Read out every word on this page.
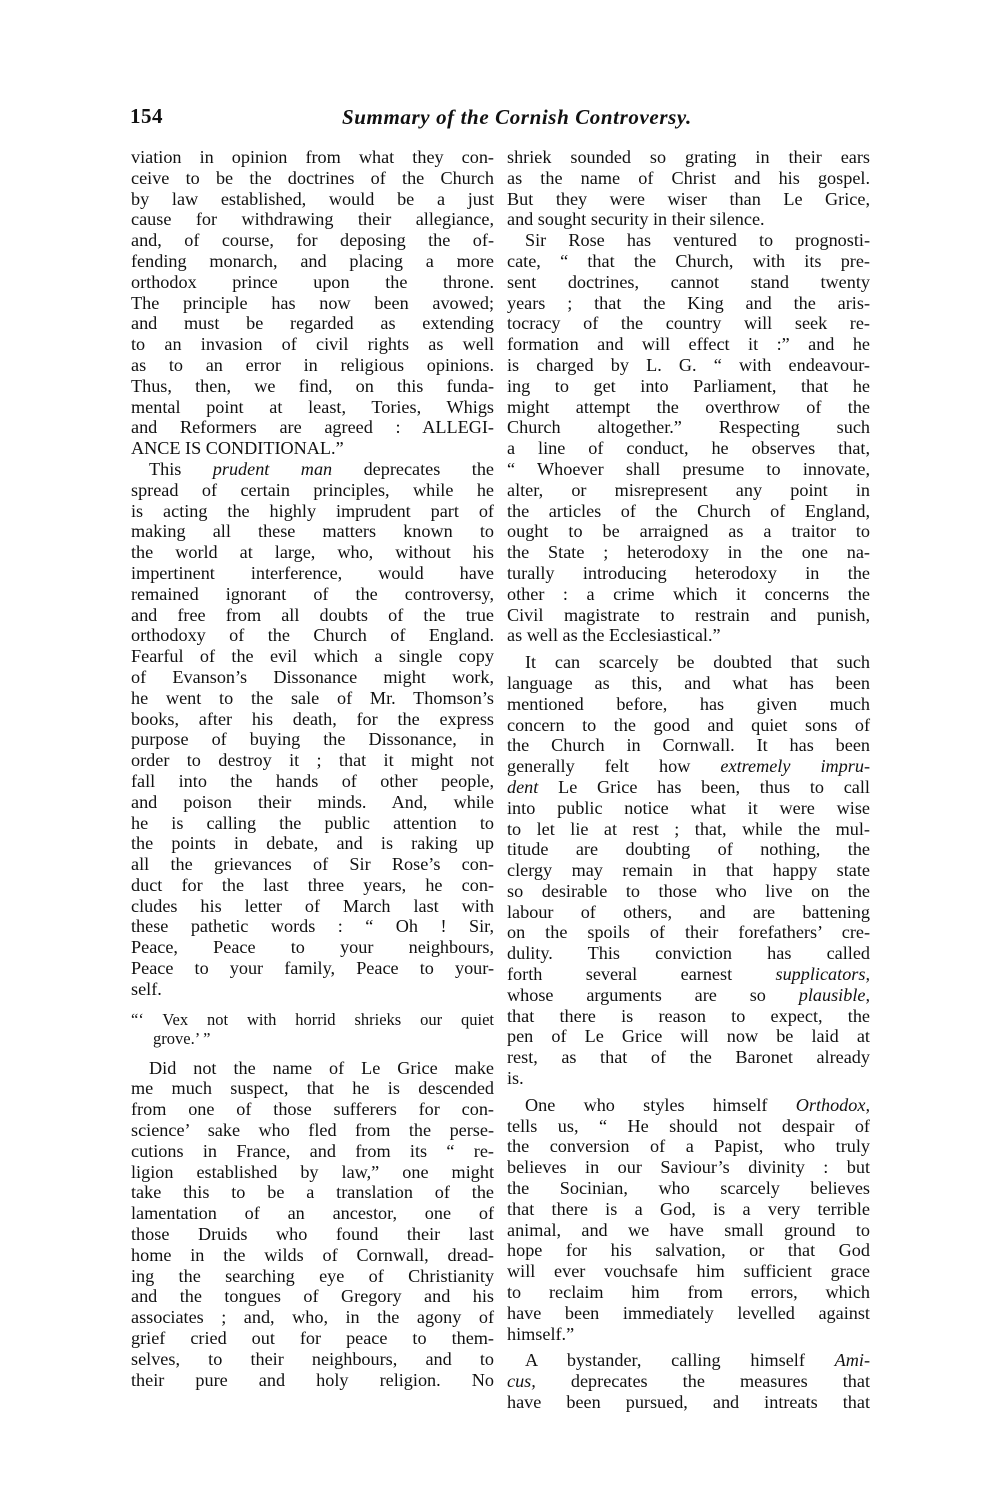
154	Summary of the Cornish Controversy.
viation in opinion from what they con-
ceive to be the doctrines of the Church
by law established, would be a just
cause for withdrawing their allegiance,
and, of course, for deposing the of-
fending monarch, and placing a more
orthodox prince upon the throne.
The principle has now been avowed;
and must be regarded as extending
to an invasion of civil rights as well
as to an error in religious opinions.
Thus, then, we find, on this funda-
mental point at least, Tories, Whigs
and Reformers are agreed : ALLEGI-
ANCE IS CONDITIONAL.”
This prudent man deprecates the
spread of certain principles, while he
is acting the highly imprudent part of
making all these matters known to
the world at large, who, without his
impertinent interference, would have
remained ignorant of the controversy,
and free from all doubts of the true
orthodoxy of the Church of England.
Fearful of the evil which a single copy
of Evanson’s Dissonance might work,
he went to the sale of Mr. Thomson’s
books, after his death, for the express
purpose of buying the Dissonance, in
order to destroy it ; that it might not
fall into the hands of other people,
and poison their minds. And, while
he is calling the public attention to
the points in debate, and is raking up
all the grievances of Sir Rose’s con-
duct for the last three years, he con-
cludes his letter of March last with
these pathetic words : “ Oh ! Sir,
Peace, Peace to your neighbours,
Peace to your family, Peace to your-
self.
“‘ Vex not with horrid shrieks our quiet
grove.’ ”
Did not the name of Le Grice make
me much suspect, that he is descended
from one of those sufferers for con-
science’ sake who fled from the perse-
cutions in France, and from its “ re-
ligion established by law,” one might
take this to be a translation of the
lamentation of an ancestor, one of
those Druids who found their last
home in the wilds of Cornwall, dread-
ing the searching eye of Christianity
and the tongues of Gregory and his
associates ; and, who, in the agony of
grief cried out for peace to them-
selves, to their neighbours, and to
their pure and holy religion. No
shriek sounded so grating in their ears
as the name of Christ and his gospel.
But they were wiser than Le Grice,
and sought security in their silence.
Sir Rose has ventured to prognosti-
cate, “ that the Church, with its pre-
sent doctrines, cannot stand twenty
years ; that the King and the aris-
tocracy of the country will seek re-
formation and will effect it :” and he
is charged by L. G. “ with endeavour-
ing to get into Parliament, that he
might attempt the overthrow of the
Church altogether.” Respecting such
a line of conduct, he observes that,
“ Whoever shall presume to innovate,
alter, or misrepresent any point in
the articles of the Church of England,
ought to be arraigned as a traitor to
the State ; heterodoxy in the one na-
turally introducing heterodoxy in the
other : a crime which it concerns the
Civil magistrate to restrain and punish,
as well as the Ecclesiastical.”
It can scarcely be doubted that such
language as this, and what has been
mentioned before, has given much
concern to the good and quiet sons of
the Church in Cornwall. It has been
generally felt how extremely impru-
dent Le Grice has been, thus to call
into public notice what it were wise
to let lie at rest ; that, while the mul-
titude are doubting of nothing, the
clergy may remain in that happy state
so desirable to those who live on the
labour of others, and are battening
on the spoils of their forefathers’ cre-
dulity. This conviction has called
forth several earnest supplicators,
whose arguments are so plausible,
that there is reason to expect, the
pen of Le Grice will now be laid at
rest, as that of the Baronet already
is.
One who styles himself Orthodox,
tells us, “ He should not despair of
the conversion of a Papist, who truly
believes in our Saviour’s divinity : but
the Socinian, who scarcely believes
that there is a God, is a very terrible
animal, and we have small ground to
hope for his salvation, or that God
will ever vouchsafe him sufficient grace
to reclaim him from errors, which
have been immediately levelled against
himself.”
A bystander, calling himself Ami-
cus, deprecates the measures that
have been pursued, and intreats that
